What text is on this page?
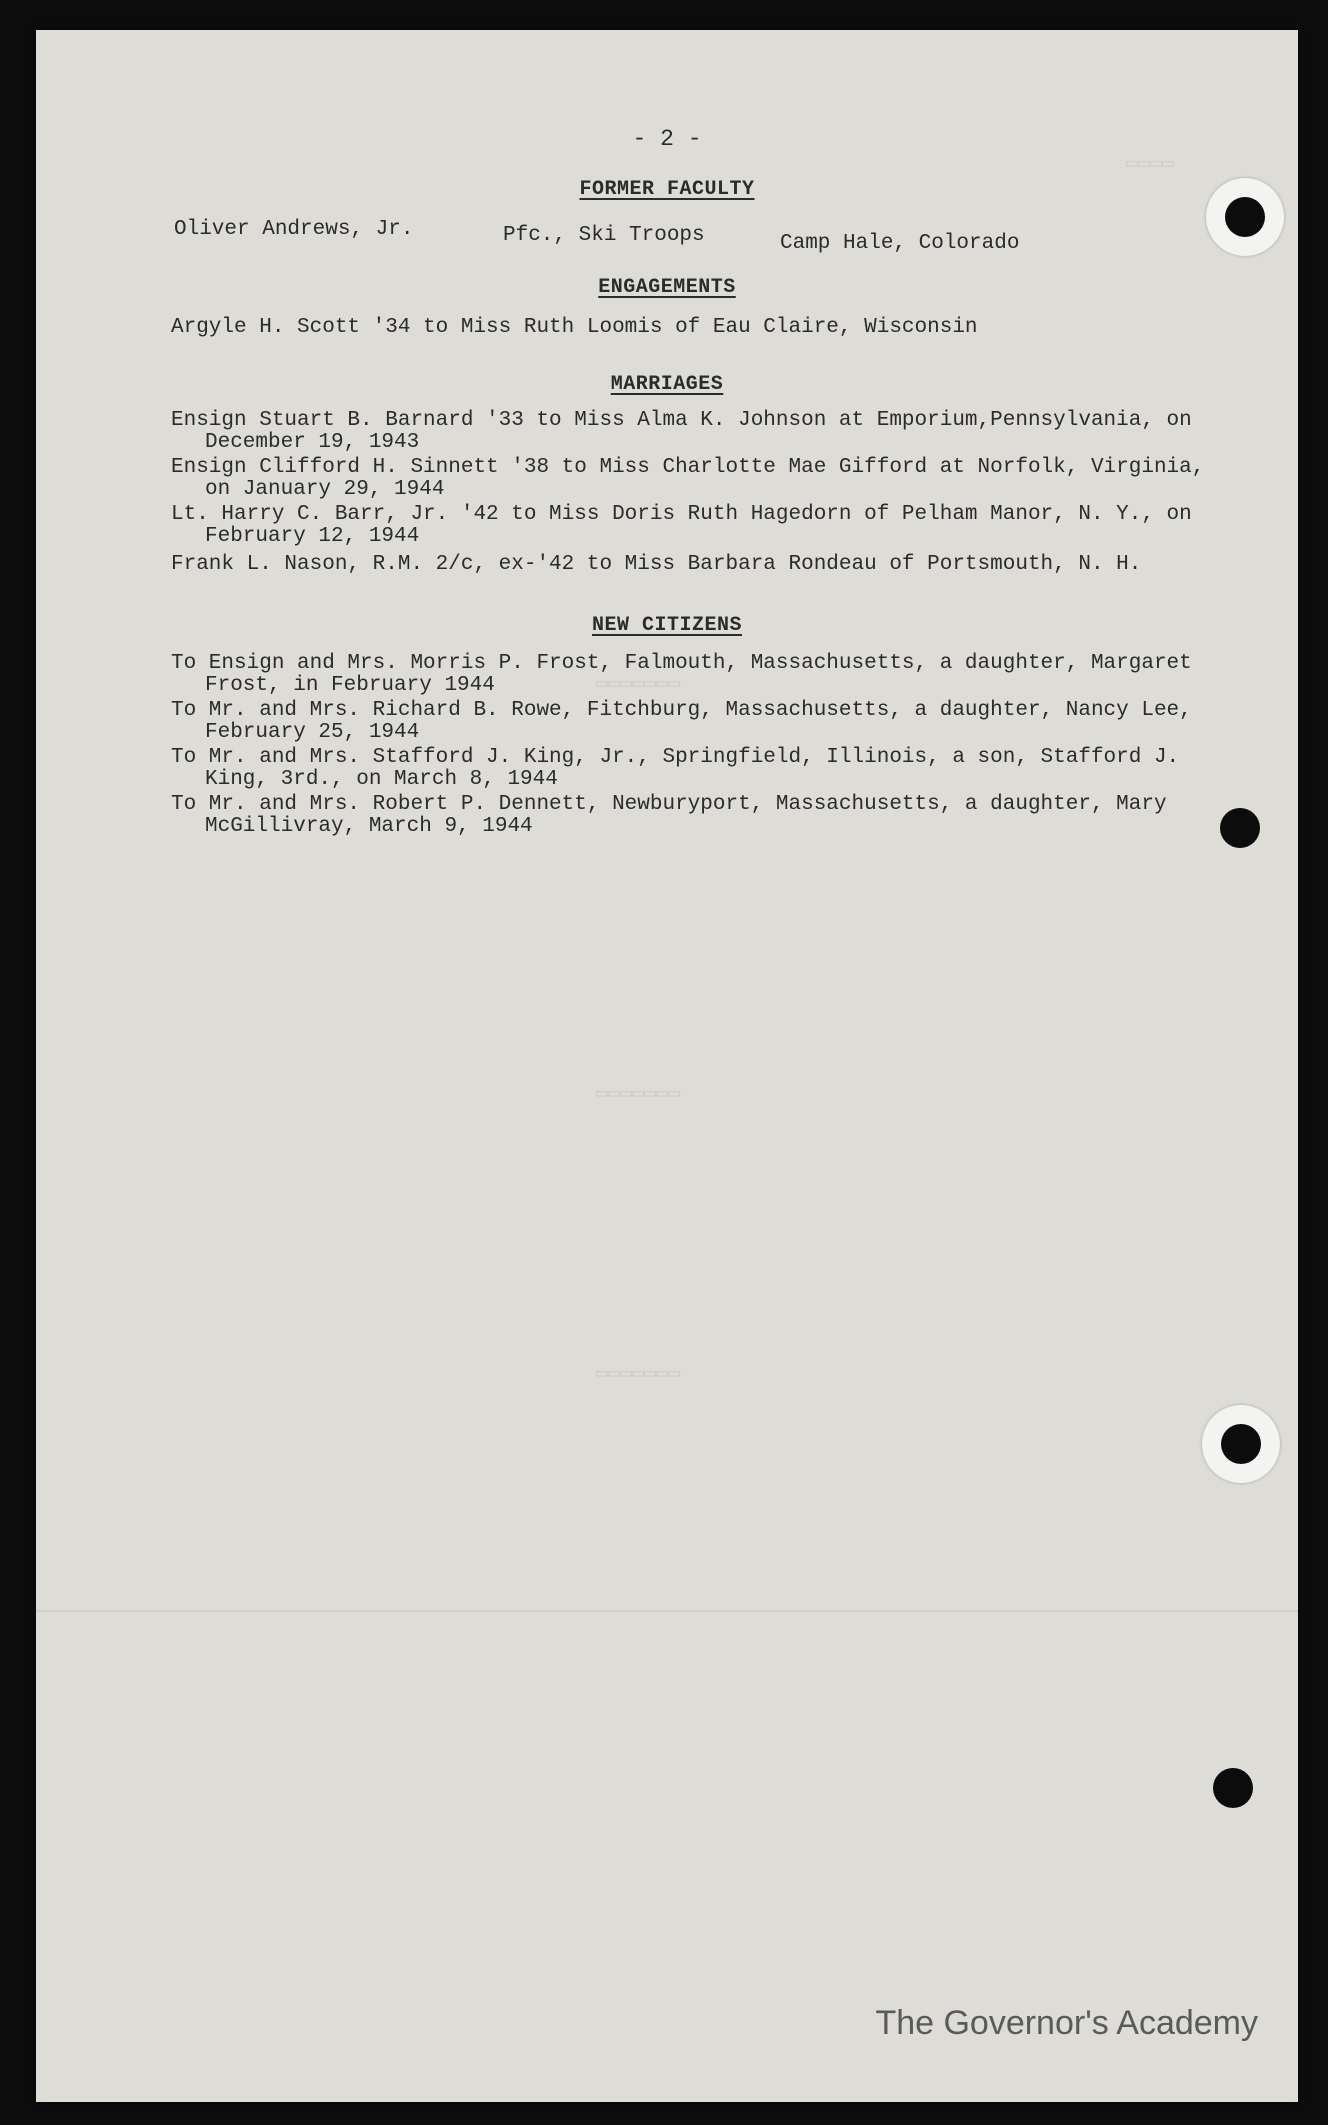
▭▭▭▭
▭▭▭▭▭▭▭
▭▭▭▭▭▭▭
▭▭▭▭▭▭▭
- 2 -
FORMER FACULTY
Oliver Andrews, Jr.	Pfc., Ski Troops	Camp Hale, Colorado
ENGAGEMENTS
Argyle H. Scott '34 to Miss Ruth Loomis of Eau Claire, Wisconsin
MARRIAGES
Ensign Stuart B. Barnard '33 to Miss Alma K. Johnson at Emporium,Pennsylvania, on
December 19, 1943
Ensign Clifford H. Sinnett '38 to Miss Charlotte Mae Gifford at Norfolk, Virginia,
on January 29, 1944
Lt. Harry C. Barr, Jr. '42 to Miss Doris Ruth Hagedorn of Pelham Manor, N. Y., on
February 12, 1944
Frank L. Nason, R.M. 2/c, ex-'42 to Miss Barbara Rondeau of Portsmouth, N. H.
NEW CITIZENS
To Ensign and Mrs. Morris P. Frost, Falmouth, Massachusetts, a daughter, Margaret
Frost, in February 1944
To Mr. and Mrs. Richard B. Rowe, Fitchburg, Massachusetts, a daughter, Nancy Lee,
February 25, 1944
To Mr. and Mrs. Stafford J. King, Jr., Springfield, Illinois, a son, Stafford J.
King, 3rd., on March 8, 1944
To Mr. and Mrs. Robert P. Dennett, Newburyport, Massachusetts, a daughter, Mary
McGillivray, March 9, 1944
The Governor's Academy
